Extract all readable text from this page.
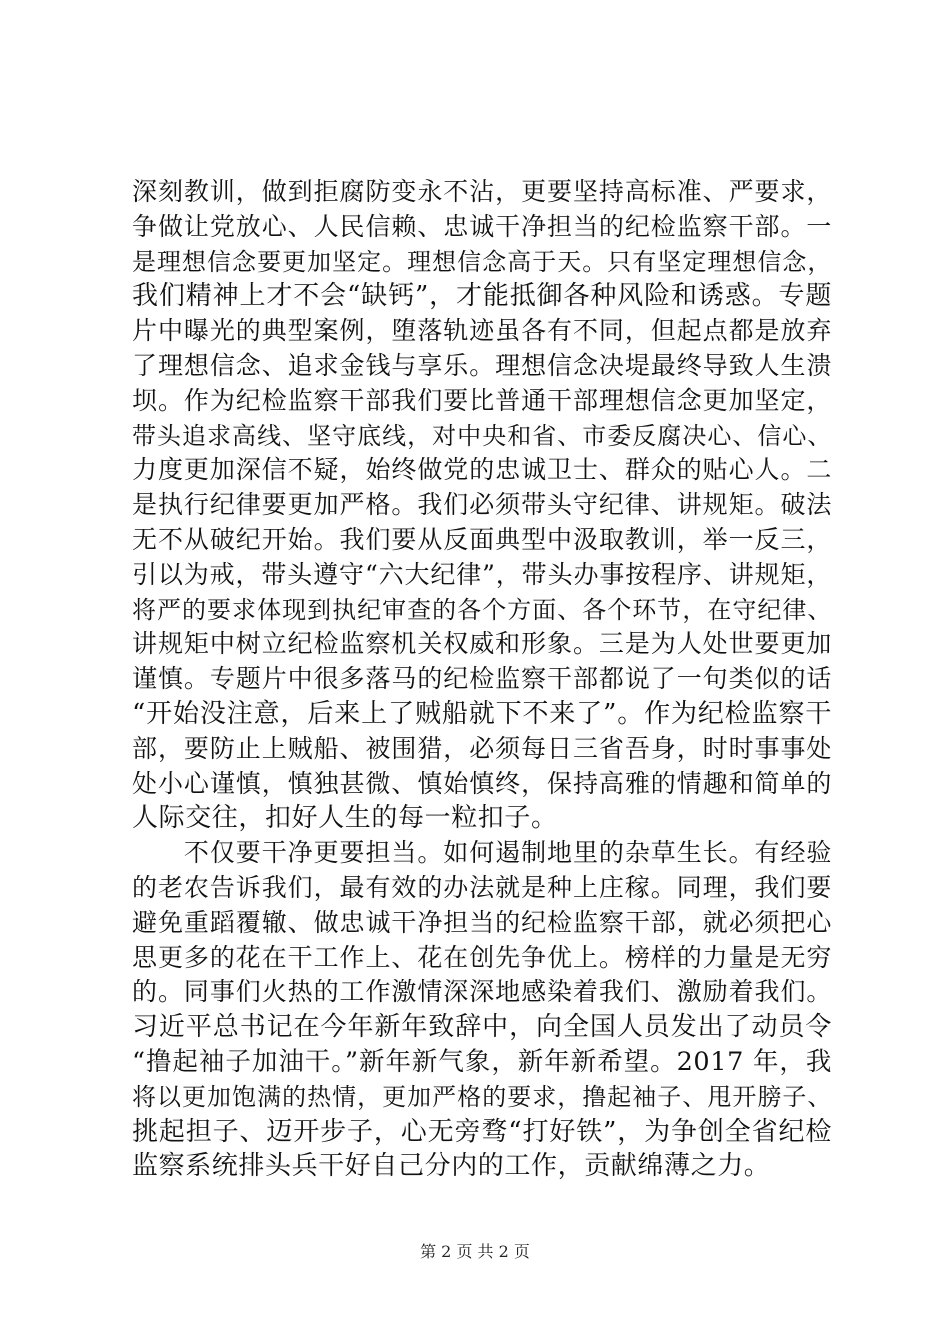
深刻教训，做到拒腐防变永不沾，更要坚持高标准、严要求，
争做让党放心、人民信赖、忠诚干净担当的纪检监察干部。一
是理想信念要更加坚定。理想信念高于天。只有坚定理想信念，
我们精神上才不会“缺钙”，才能抵御各种风险和诱惑。专题
片中曝光的典型案例，堕落轨迹虽各有不同，但起点都是放弃
了理想信念、追求金钱与享乐。理想信念决堤最终导致人生溃
坝。作为纪检监察干部我们要比普通干部理想信念更加坚定，
带头追求高线、坚守底线，对中央和省、市委反腐决心、信心、
力度更加深信不疑，始终做党的忠诚卫士、群众的贴心人。二
是执行纪律要更加严格。我们必须带头守纪律、讲规矩。破法
无不从破纪开始。我们要从反面典型中汲取教训，举一反三，
引以为戒，带头遵守“六大纪律”，带头办事按程序、讲规矩，
将严的要求体现到执纪审查的各个方面、各个环节，在守纪律、
讲规矩中树立纪检监察机关权威和形象。三是为人处世要更加
谨慎。专题片中很多落马的纪检监察干部都说了一句类似的话
“开始没注意，后来上了贼船就下不来了”。作为纪检监察干
部，要防止上贼船、被围猎，必须每日三省吾身，时时事事处
处小心谨慎，慎独甚微、慎始慎终，保持高雅的情趣和简单的
人际交往，扣好人生的每一粒扣子。
　　不仅要干净更要担当。如何遏制地里的杂草生长。有经验
的老农告诉我们，最有效的办法就是种上庄稼。同理，我们要
避免重蹈覆辙、做忠诚干净担当的纪检监察干部，就必须把心
思更多的花在干工作上、花在创先争优上。榜样的力量是无穷
的。同事们火热的工作激情深深地感染着我们、激励着我们。
习近平总书记在今年新年致辞中，向全国人员发出了动员令
“撸起袖子加油干。”新年新气象，新年新希望。2017 年，我
将以更加饱满的热情，更加严格的要求，撸起袖子、甩开膀子、
挑起担子、迈开步子，心无旁骛“打好铁”，为争创全省纪检
监察系统排头兵干好自己分内的工作，贡献绵薄之力。
第 2 页 共 2 页
